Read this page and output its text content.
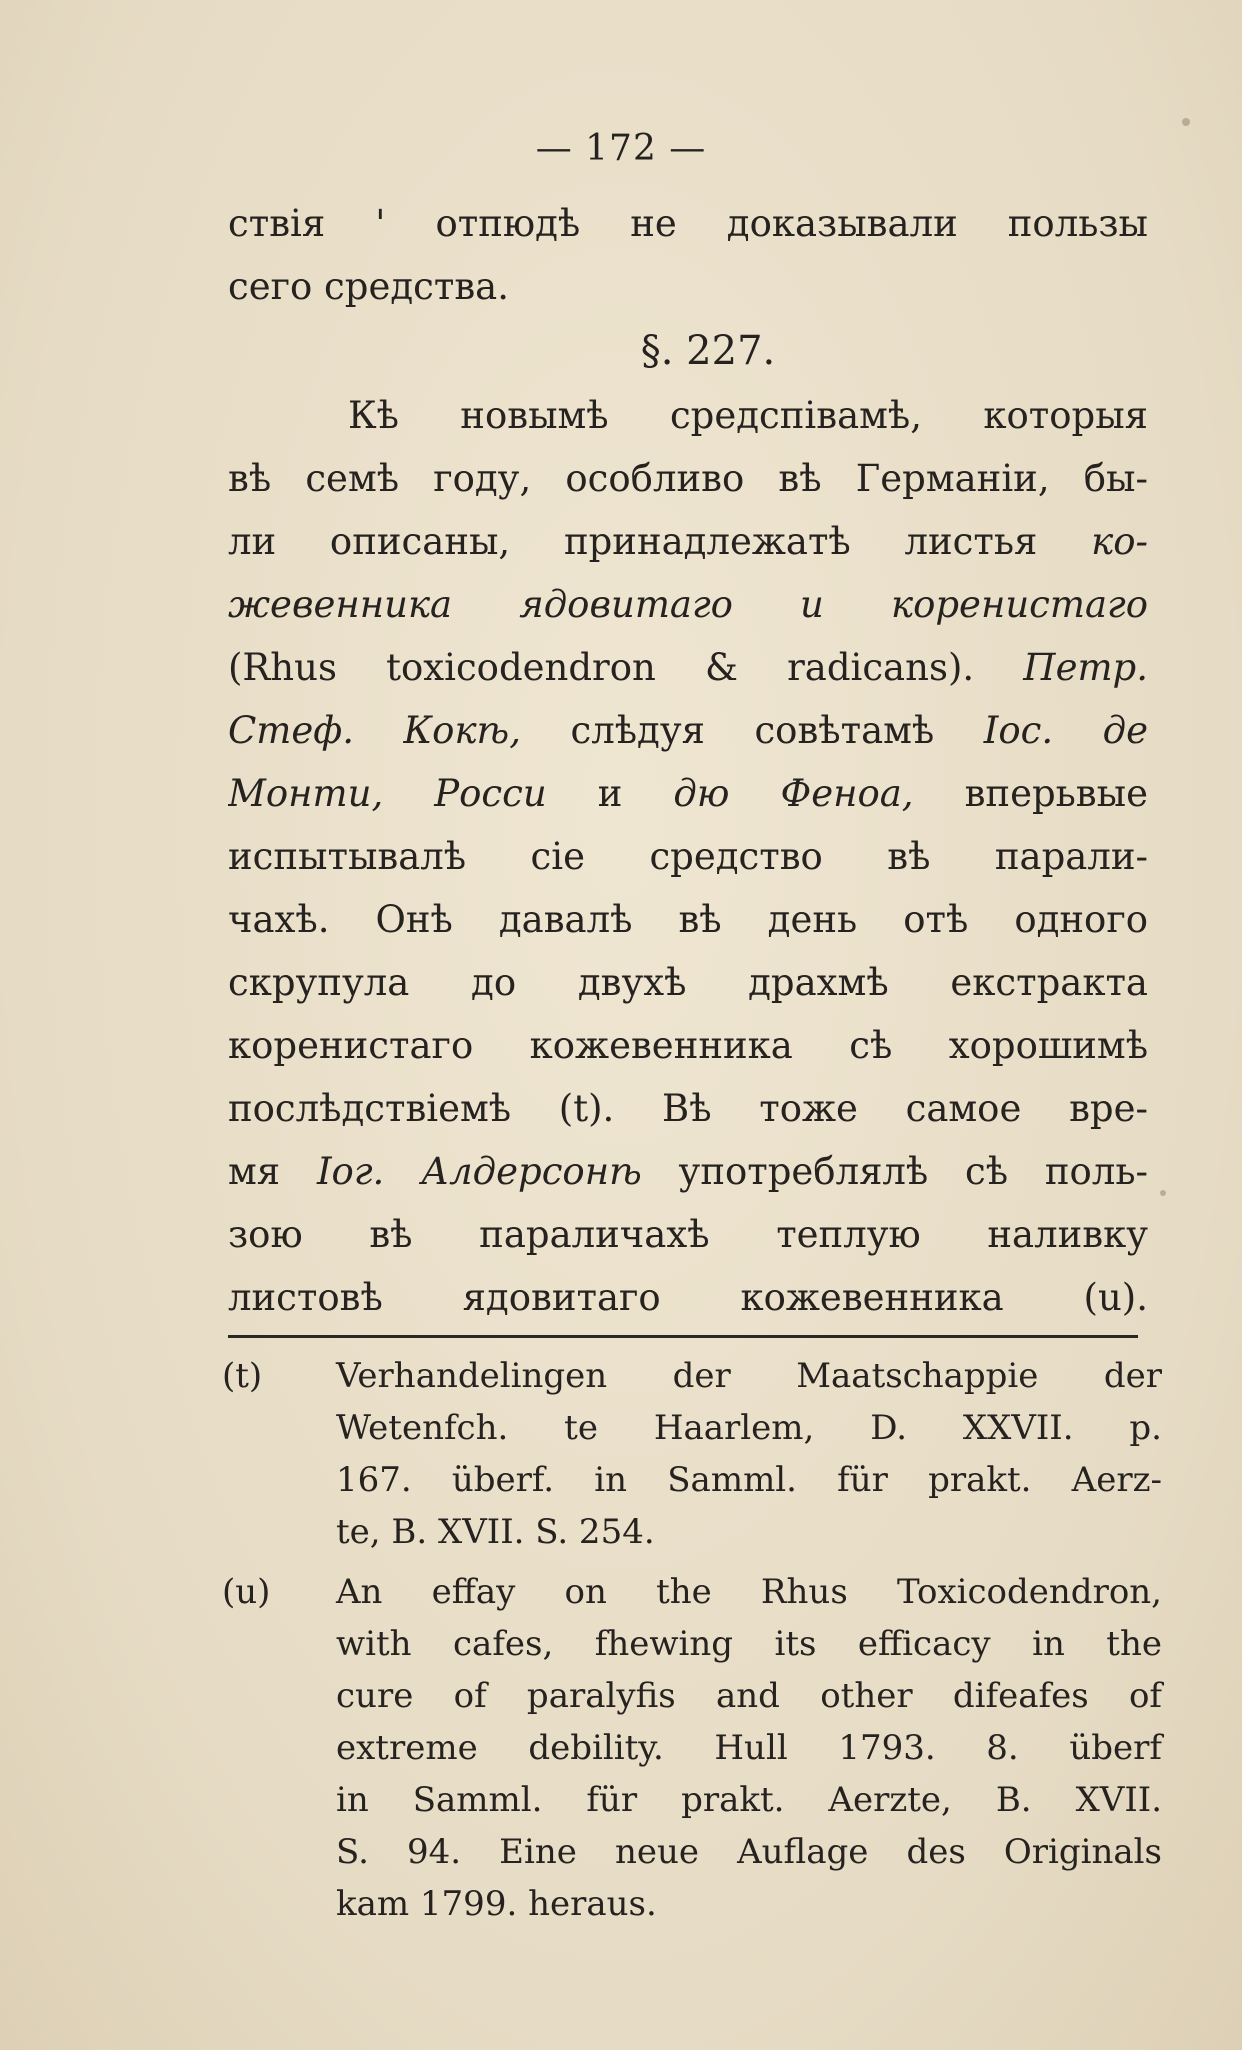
— 172 —
ствія ' отпюдѣ не доказывали пользы
сего средства.
§. 227.
Кѣ новымѣ средспівамѣ, которыя
вѣ семѣ году, особливо вѣ Германіи, бы-
ли описаны, принадлежатѣ листья ко-
жевенника ядовитаго и коренистаго
(Rhus toxicodendron & radicans). Петр.
Стеф. Кокѣ, слѣдуя совѣтамѣ Іос. де
Монти, Росси и дю Феноа, вперьвые
испытывалѣ сіе средство вѣ парали-
чахѣ. Онѣ давалѣ вѣ день отѣ одного
скрупула до двухѣ драхмѣ екстракта
коренистаго кожевенника сѣ хорошимѣ
послѣдствіемѣ (t). Вѣ тоже самое вре-
мя Іог. Алдерсонѣ употреблялѣ сѣ поль-
зою вѣ параличахѣ теплую наливку
листовѣ ядовитаго кожевенника (u).
(t) Verhandelingen der Maatschappie der
Wetenfch. te Haarlem, D. XXVII. p.
167. überf. in Samml. für prakt. Aerz-
te, B. XVII. S. 254.
(u) An effay on the Rhus Toxicodendron,
with cafes, fhewing its efficacy in the
cure of paralyfis and other difeafes of
extreme debility. Hull 1793. 8. überf
in Samml. für prakt. Aerzte, B. XVII.
S. 94. Eine neue Auflage des Originals
kam 1799. heraus.
